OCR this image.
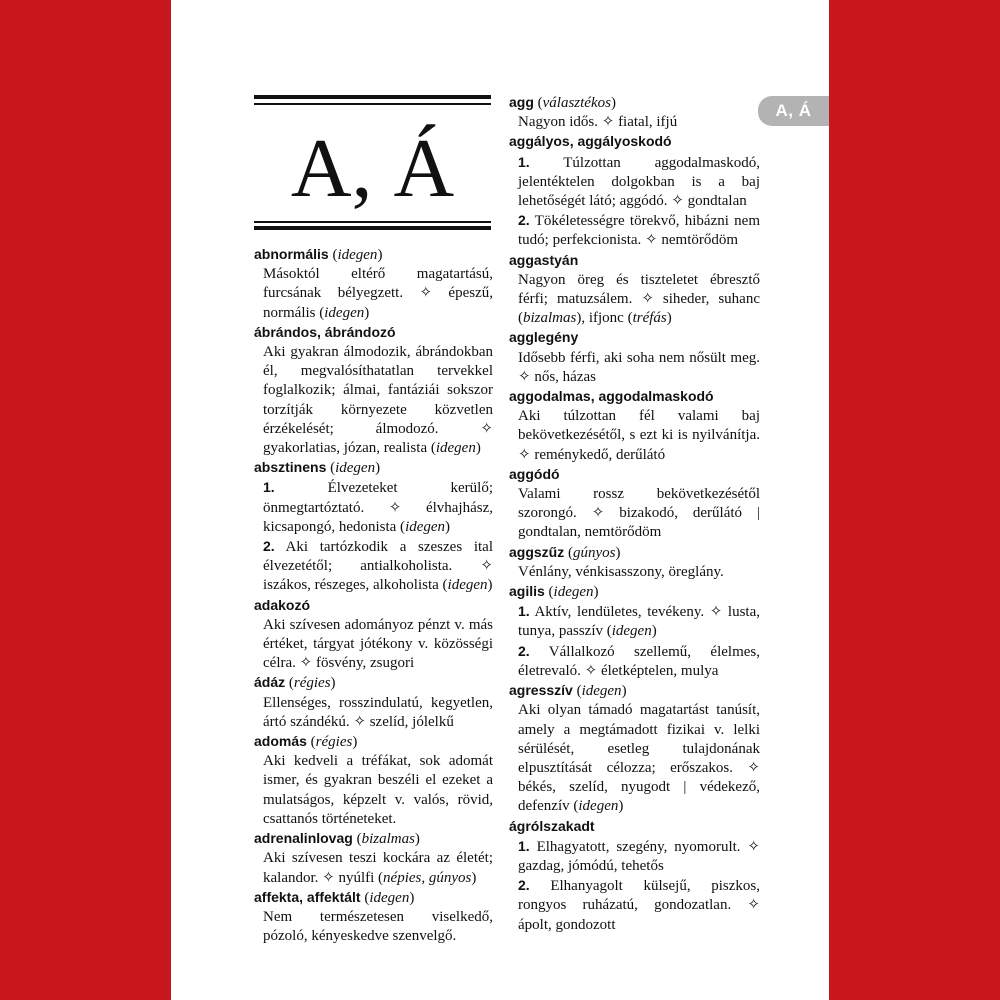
A, Á
A, Á
abnormális (idegen)

Másoktól eltérő magatartású, furcsának bélyegzett. ✧ épeszű, normális (idegen)

ábrándos, ábrándozó

Aki gyakran álmodozik, ábrándokban él, megvalósíthatatlan tervekkel foglalkozik; álmai, fantáziái sokszor torzítják környezete közvetlen érzékelését; álmodozó. ✧ gyakorlatias, józan, realista (idegen)

absztinens (idegen)

1. Élvezeteket kerülő; önmegtartóztató. ✧ élvhajhász, kicsapongó, hedonista (idegen)

2. Aki tartózkodik a szeszes ital élvezetétől; antialkoholista. ✧ iszákos, részeges, alkoholista (idegen)

adakozó

Aki szívesen adományoz pénzt v. más értéket, tárgyat jótékony v. közösségi célra. ✧ fösvény, zsugori

ádáz (régies)

Ellenséges, rosszindulatú, kegyetlen, ártó szándékú. ✧ szelíd, jólelkű

adomás (régies)

Aki kedveli a tréfákat, sok adomát ismer, és gyakran beszéli el ezeket a mulatságos, képzelt v. valós, rövid, csattanós történeteket.

adrenalinlovag (bizalmas)

Aki szívesen teszi kockára az életét; kalandor. ✧ nyúlfi (népies, gúnyos)

affekta, affektált (idegen)

Nem természetesen viselkedő, pózoló, kényeskedve szenvelgő.

agg (választékos)

Nagyon idős. ✧ fiatal, ifjú

aggályos, aggályoskodó

1. Túlzottan aggodalmaskodó, jelentéktelen dolgokban is a baj lehetőségét látó; aggódó. ✧ gondtalan

2. Tökéletességre törekvő, hibázni nem tudó; perfekcionista. ✧ nemtörődöm

aggastyán

Nagyon öreg és tiszteletet ébresztő férfi; matuzsálem. ✧ siheder, suhanc (bizalmas), ifjonc (tréfás)

agglegény

Idősebb férfi, aki soha nem nősült meg. ✧ nős, házas

aggodalmas, aggodalmaskodó

Aki túlzottan fél valami baj bekövetkezésétől, s ezt ki is nyilvánítja. ✧ reménykedő, derűlátó

aggódó

Valami rossz bekövetkezésétől szorongó. ✧ bizakodó, derűlátó | gondtalan, nemtörődöm

aggszűz (gúnyos)

Vénlány, vénkisasszony, öreglány.

agilis (idegen)

1. Aktív, lendületes, tevékeny. ✧ lusta, tunya, passzív (idegen)

2. Vállalkozó szellemű, élelmes, életrevaló. ✧ életképtelen, mulya

agresszív (idegen)

Aki olyan támadó magatartást tanúsít, amely a megtámadott fizikai v. lelki sérülését, esetleg tulajdonának elpusztítását célozza; erőszakos. ✧ békés, szelíd, nyugodt | védekező, defenzív (idegen)

ágrólszakadt

1. Elhagyatott, szegény, nyomorult. ✧ gazdag, jómódú, tehetős

2. Elhanyagolt külsejű, piszkos, rongyos ruházatú, gondozatlan. ✧ ápolt, gondozott
